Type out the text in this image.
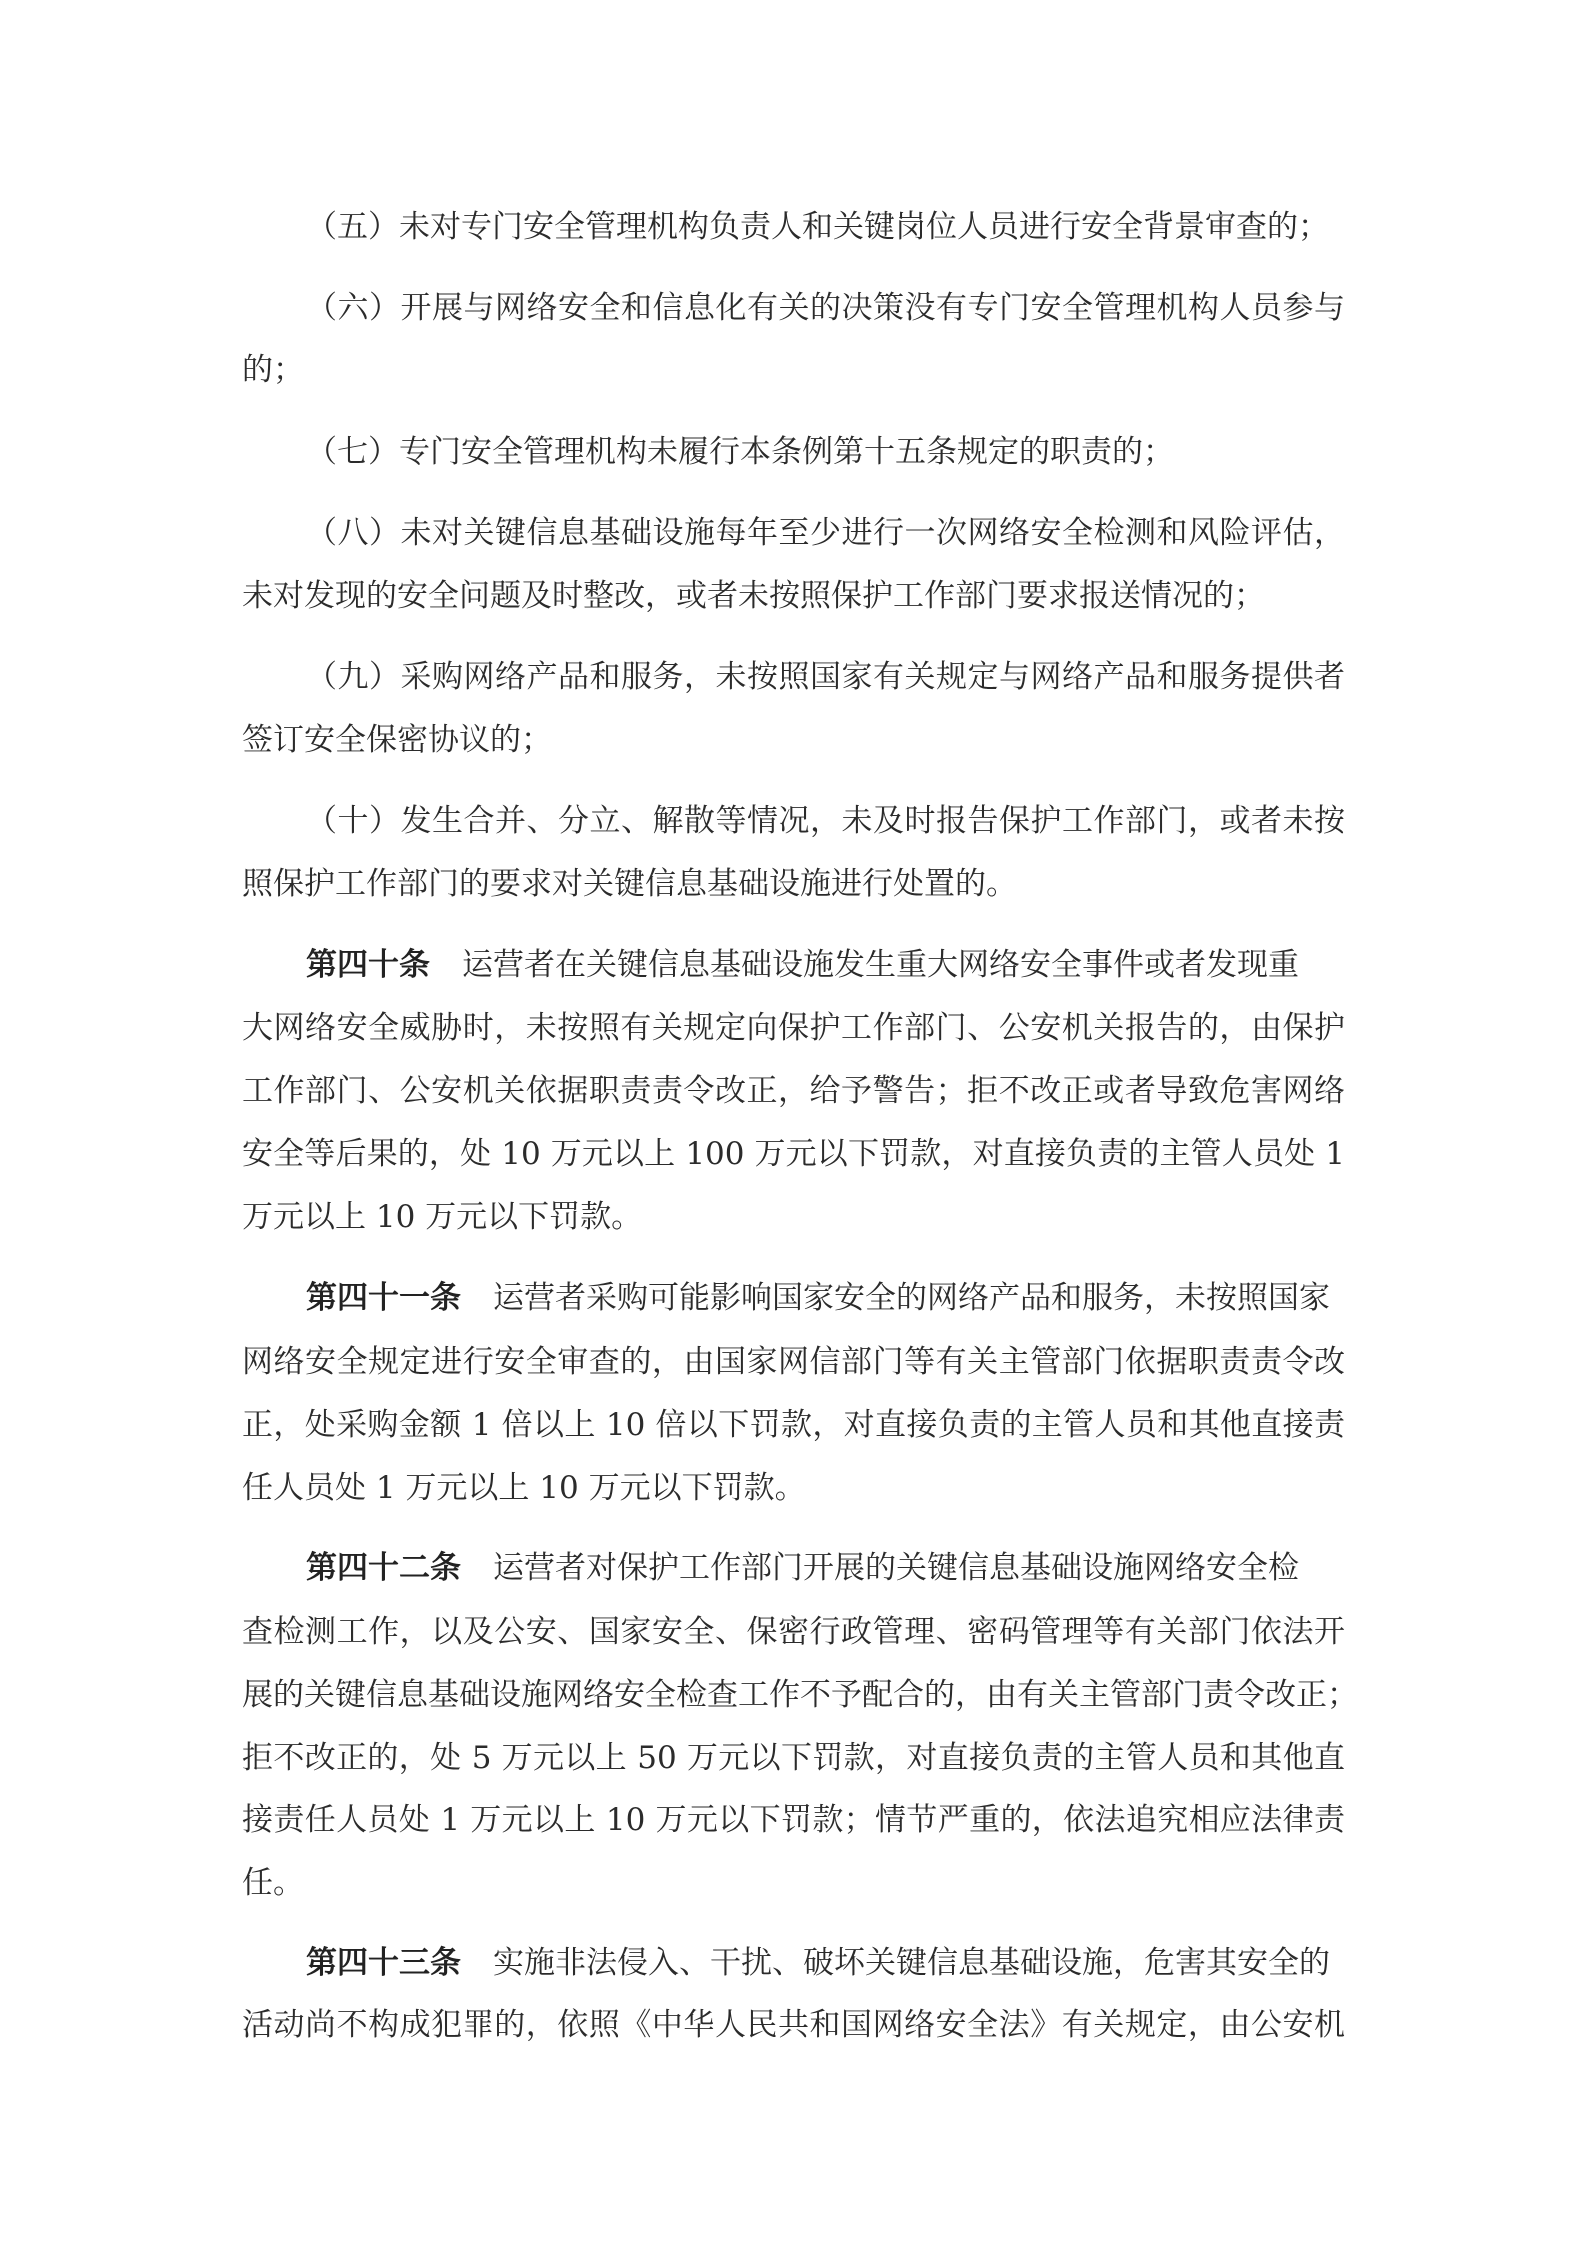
（五）未对专门安全管理机构负责人和关键岗位人员进行安全背景审查的；
（六）开展与网络安全和信息化有关的决策没有专门安全管理机构人员参与
的；
（七）专门安全管理机构未履行本条例第十五条规定的职责的；
（八）未对关键信息基础设施每年至少进行一次网络安全检测和风险评估，
未对发现的安全问题及时整改，或者未按照保护工作部门要求报送情况的；
（九）采购网络产品和服务，未按照国家有关规定与网络产品和服务提供者
签订安全保密协议的；
（十）发生合并、分立、解散等情况，未及时报告保护工作部门，或者未按
照保护工作部门的要求对关键信息基础设施进行处置的。
第四十条 运营者在关键信息基础设施发生重大网络安全事件或者发现重
大网络安全威胁时，未按照有关规定向保护工作部门、公安机关报告的，由保护
工作部门、公安机关依据职责责令改正，给予警告；拒不改正或者导致危害网络
安全等后果的，处 10 万元以上 100 万元以下罚款，对直接负责的主管人员处 1
万元以上 10 万元以下罚款。
第四十一条 运营者采购可能影响国家安全的网络产品和服务，未按照国家
网络安全规定进行安全审查的，由国家网信部门等有关主管部门依据职责责令改
正，处采购金额 1 倍以上 10 倍以下罚款，对直接负责的主管人员和其他直接责
任人员处 1 万元以上 10 万元以下罚款。
第四十二条 运营者对保护工作部门开展的关键信息基础设施网络安全检
查检测工作，以及公安、国家安全、保密行政管理、密码管理等有关部门依法开
展的关键信息基础设施网络安全检查工作不予配合的，由有关主管部门责令改正；
拒不改正的，处 5 万元以上 50 万元以下罚款，对直接负责的主管人员和其他直
接责任人员处 1 万元以上 10 万元以下罚款；情节严重的，依法追究相应法律责
任。
第四十三条 实施非法侵入、干扰、破坏关键信息基础设施，危害其安全的
活动尚不构成犯罪的，依照《中华人民共和国网络安全法》有关规定，由公安机
